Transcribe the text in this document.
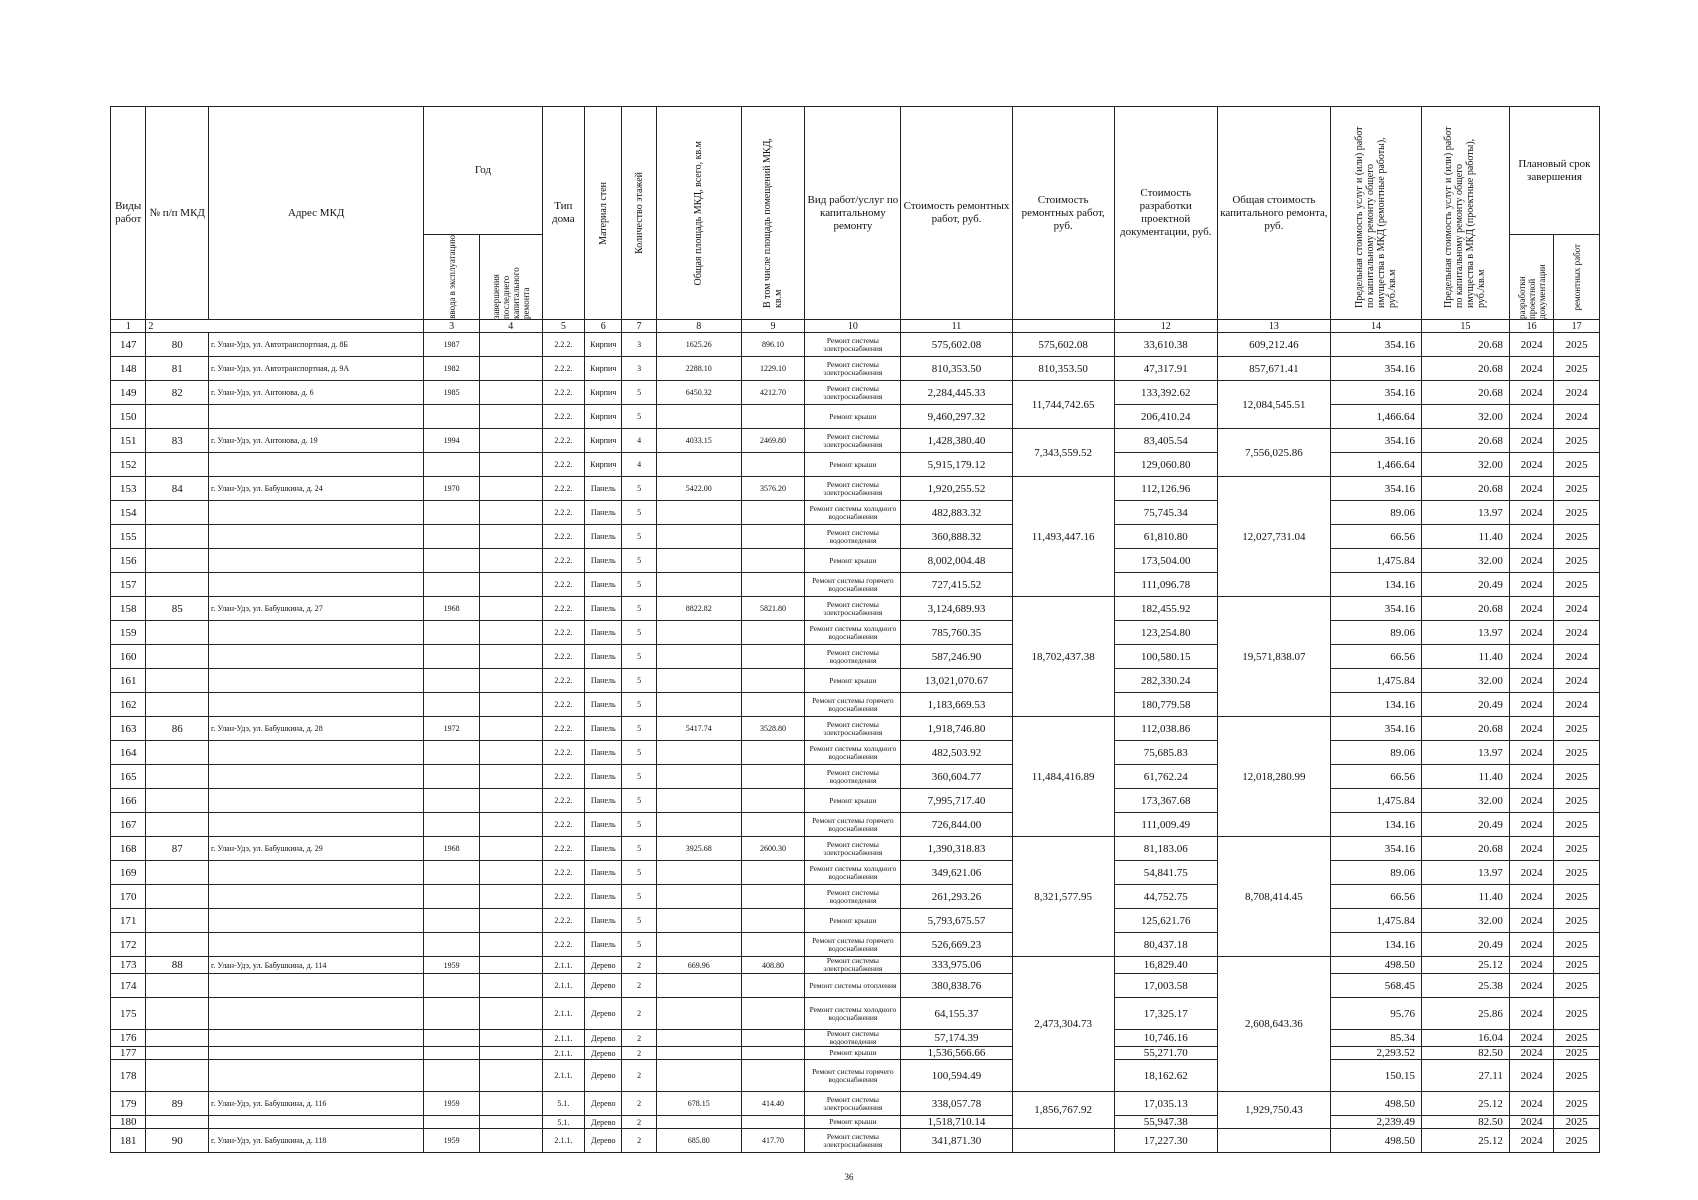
Виды работ	№ п/п МКД	Адрес МКД	Год		Тип дома	Материал стен	Количество этажей	Общая площадь МКД, всего, кв.м	В том числе площадь помещений МКД, кв.м	Вид работ/услуг по капитальному ремонту	Стоимость ремонтных работ, руб.	Стоимость ремонтных работ, руб.	Стоимость разработки проектной документации, руб.	Общая стоимость капитального ремонта, руб.	Предельная стоимость услуг и (или) работ по капитальному ремонту общего имущества в МКД (ремонтные работы), руб./кв.м	Предельная стоимость услуг и (или) работ по капитальному ремонту общего имущества в МКД (проектные работы), руб./кв.м	Плановый срок завершения	

			ввода в эксплуатацию	завершения последнего капитального ремонта													разработки проектной документации	ремонтных работ

1	2		3	4	5	6	7	8	9	10	11		12	13	14	15	16	17
147	80	г. Улан-Удэ, ул. Автотранспортная, д. 8Б	1987		2.2.2.	Кирпич	3	1625.26	896.10	Ремонт системы электроснабжения	575,602.08	575,602.08	33,610.38	609,212.46	354.16	20.68	2024	2025
148	81	г. Улан-Удэ, ул. Автотранспортная, д. 9А	1982		2.2.2.	Кирпич	3	2288.10	1229.10	Ремонт системы электроснабжения	810,353.50	810,353.50	47,317.91	857,671.41	354.16	20.68	2024	2025
149	82	г. Улан-Удэ, ул. Антонова, д. 6	1985		2.2.2.	Кирпич	5	6450.32	4212.70	Ремонт системы электроснабжения	2,284,445.33	11,744,742.65	133,392.62	12,084,545.51	354.16	20.68	2024	2024
150					2.2.2.	Кирпич	5			Ремонт крыши	9,460,297.32		206,410.24		1,466.64	32.00	2024	2024
151	83	г. Улан-Удэ, ул. Антонова, д. 19	1994		2.2.2.	Кирпич	4	4033.15	2469.80	Ремонт системы электроснабжения	1,428,380.40	7,343,559.52	83,405.54	7,556,025.86	354.16	20.68	2024	2025
152					2.2.2.	Кирпич	4			Ремонт крыши	5,915,179.12		129,060.80		1,466.64	32.00	2024	2025
153	84	г. Улан-Удэ, ул. Бабушкина, д. 24	1970		2.2.2.	Панель	5	5422.00	3576.20	Ремонт системы электроснабжения	1,920,255.52	11,493,447.16	112,126.96	12,027,731.04	354.16	20.68	2024	2025
154					2.2.2.	Панель	5			Ремонт системы холодного водоснабжения	482,883.32		75,745.34		89.06	13.97	2024	2025
155					2.2.2.	Панель	5			Ремонт системы водоотведения	360,888.32		61,810.80		66.56	11.40	2024	2025
156					2.2.2.	Панель	5			Ремонт крыши	8,002,004.48		173,504.00		1,475.84	32.00	2024	2025
157					2.2.2.	Панель	5			Ремонт системы горячего водоснабжения	727,415.52		111,096.78		134.16	20.49	2024	2025
158	85	г. Улан-Удэ, ул. Бабушкина, д. 27	1968		2.2.2.	Панель	5	8822.82	5821.80	Ремонт системы электроснабжения	3,124,689.93	18,702,437.38	182,455.92	19,571,838.07	354.16	20.68	2024	2024
159					2.2.2.	Панель	5			Ремонт системы холодного водоснабжения	785,760.35		123,254.80		89.06	13.97	2024	2024
160					2.2.2.	Панель	5			Ремонт системы водоотведения	587,246.90		100,580.15		66.56	11.40	2024	2024
161					2.2.2.	Панель	5			Ремонт крыши	13,021,070.67		282,330.24		1,475.84	32.00	2024	2024
162					2.2.2.	Панель	5			Ремонт системы горячего водоснабжения	1,183,669.53		180,779.58		134.16	20.49	2024	2024
163	86	г. Улан-Удэ, ул. Бабушкина, д. 28	1972		2.2.2.	Панель	5	5417.74	3528.80	Ремонт системы электроснабжения	1,918,746.80	11,484,416.89	112,038.86	12,018,280.99	354.16	20.68	2024	2025
164					2.2.2.	Панель	5			Ремонт системы холодного водоснабжения	482,503.92		75,685.83		89.06	13.97	2024	2025
165					2.2.2.	Панель	5			Ремонт системы водоотведения	360,604.77		61,762.24		66.56	11.40	2024	2025
166					2.2.2.	Панель	5			Ремонт крыши	7,995,717.40		173,367.68		1,475.84	32.00	2024	2025
167					2.2.2.	Панель	5			Ремонт системы горячего водоснабжения	726,844.00		111,009.49		134.16	20.49	2024	2025
168	87	г. Улан-Удэ, ул. Бабушкина, д. 29	1968		2.2.2.	Панель	5	3925.68	2600.30	Ремонт системы электроснабжения	1,390,318.83	8,321,577.95	81,183.06	8,708,414.45	354.16	20.68	2024	2025
169					2.2.2.	Панель	5			Ремонт системы холодного водоснабжения	349,621.06		54,841.75		89.06	13.97	2024	2025
170					2.2.2.	Панель	5			Ремонт системы водоотведения	261,293.26		44,752.75		66.56	11.40	2024	2025
171					2.2.2.	Панель	5			Ремонт крыши	5,793,675.57		125,621.76		1,475.84	32.00	2024	2025
172					2.2.2.	Панель	5			Ремонт системы горячего водоснабжения	526,669.23		80,437.18		134.16	20.49	2024	2025
173	88	г. Улан-Удэ, ул. Бабушкина, д. 114	1959		2.1.1.	Дерево	2	669.96	408.80	Ремонт системы электроснабжения	333,975.06	2,473,304.73	16,829.40	2,608,643.36	498.50	25.12	2024	2025
174					2.1.1.	Дерево	2			Ремонт системы отопления	380,838.76		17,003.58		568.45	25.38	2024	2025
175					2.1.1.	Дерево	2			Ремонт системы холодного водоснабжения	64,155.37		17,325.17		95.76	25.86	2024	2025
176					2.1.1.	Дерево	2			Ремонт системы водоотведения	57,174.39		10,746.16		85.34	16.04	2024	2025
177					2.1.1.	Дерево	2			Ремонт крыши	1,536,566.66		55,271.70		2,293.52	82.50	2024	2025
178					2.1.1.	Дерево	2			Ремонт системы горячего водоснабжения	100,594.49		18,162.62		150.15	27.11	2024	2025
179	89	г. Улан-Удэ, ул. Бабушкина, д. 116	1959		5.1.	Дерево	2	678.15	414.40	Ремонт системы электроснабжения	338,057.78	1,856,767.92	17,035.13	1,929,750.43	498.50	25.12	2024	2025
180					5.1.	Дерево	2			Ремонт крыши	1,518,710.14		55,947.38		2,239.49	82.50	2024	2025
181	90	г. Улан-Удэ, ул. Бабушкина, д. 118	1959		2.1.1.	Дерево	2	685.80	417.70	Ремонт системы электроснабжения	341,871.30		17,227.30		498.50	25.12	2024	2025
36
